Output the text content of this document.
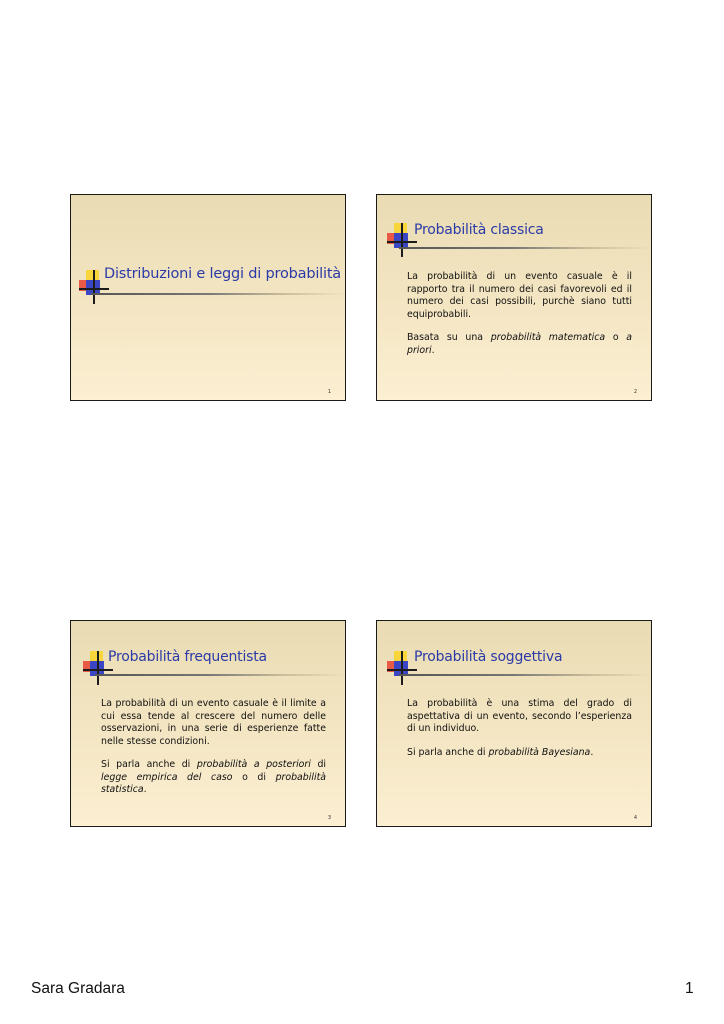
Distribuzioni e leggi di probabilità
1
Probabilità classica

La probabilità di un evento casuale è il rapporto tra il numero dei casi favorevoli ed il numero dei casi possibili, purchè siano tutti equiprobabili.

Basata su una probabilità matematica o a priori.

2
Probabilità frequentista

La probabilità di un evento casuale è il limite a cui essa tende al crescere del numero delle osservazioni, in una serie di esperienze fatte nelle stesse condizioni.

Si parla anche di probabilità a posteriori di legge empirica del caso o di probabilità statistica.

3
Probabilità soggettiva

La probabilità è una stima del grado di aspettativa di un evento, secondo l’esperienza di un individuo.

Si parla anche di probabilità Bayesiana.

4
Sara Gradara	1
